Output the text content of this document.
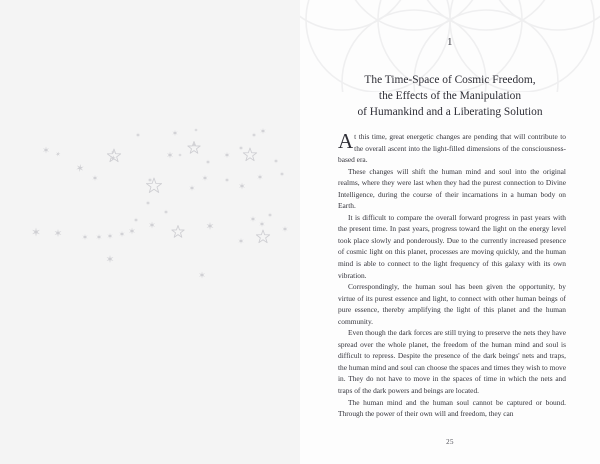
1
The Time-Space of Cosmic Freedom,
the Effects of the Manipulation
of Humankind and a Liberating Solution

At this time, great energetic changes are pending that will contribute to the overall ascent into the light-filled dimensions of the consciousness-based era.

These changes will shift the human mind and soul into the original realms, where they were last when they had the purest connection to Divine Intelligence, during the course of their incarnations in a human body on Earth.

It is difficult to compare the overall forward progress in past years with the present time. In past years, progress toward the light on the energy level took place slowly and ponderously. Due to the currently increased presence of cosmic light on this planet, processes are moving quickly, and the human mind is able to connect to the light frequency of this galaxy with its own vibration.

Correspondingly, the human soul has been given the opportunity, by virtue of its purest essence and light, to connect with other human beings of pure essence, thereby amplifying the light of this planet and the human community.

Even though the dark forces are still trying to preserve the nets they have spread over the whole planet, the freedom of the human mind and soul is difficult to repress. Despite the presence of the dark beings' nets and traps, the human mind and soul can choose the spaces and times they wish to move in. They do not have to move in the spaces of time in which the nets and traps of the dark powers and beings are located.

The human mind and the human soul cannot be captured or bound. Through the power of their own will and freedom, they can

25
